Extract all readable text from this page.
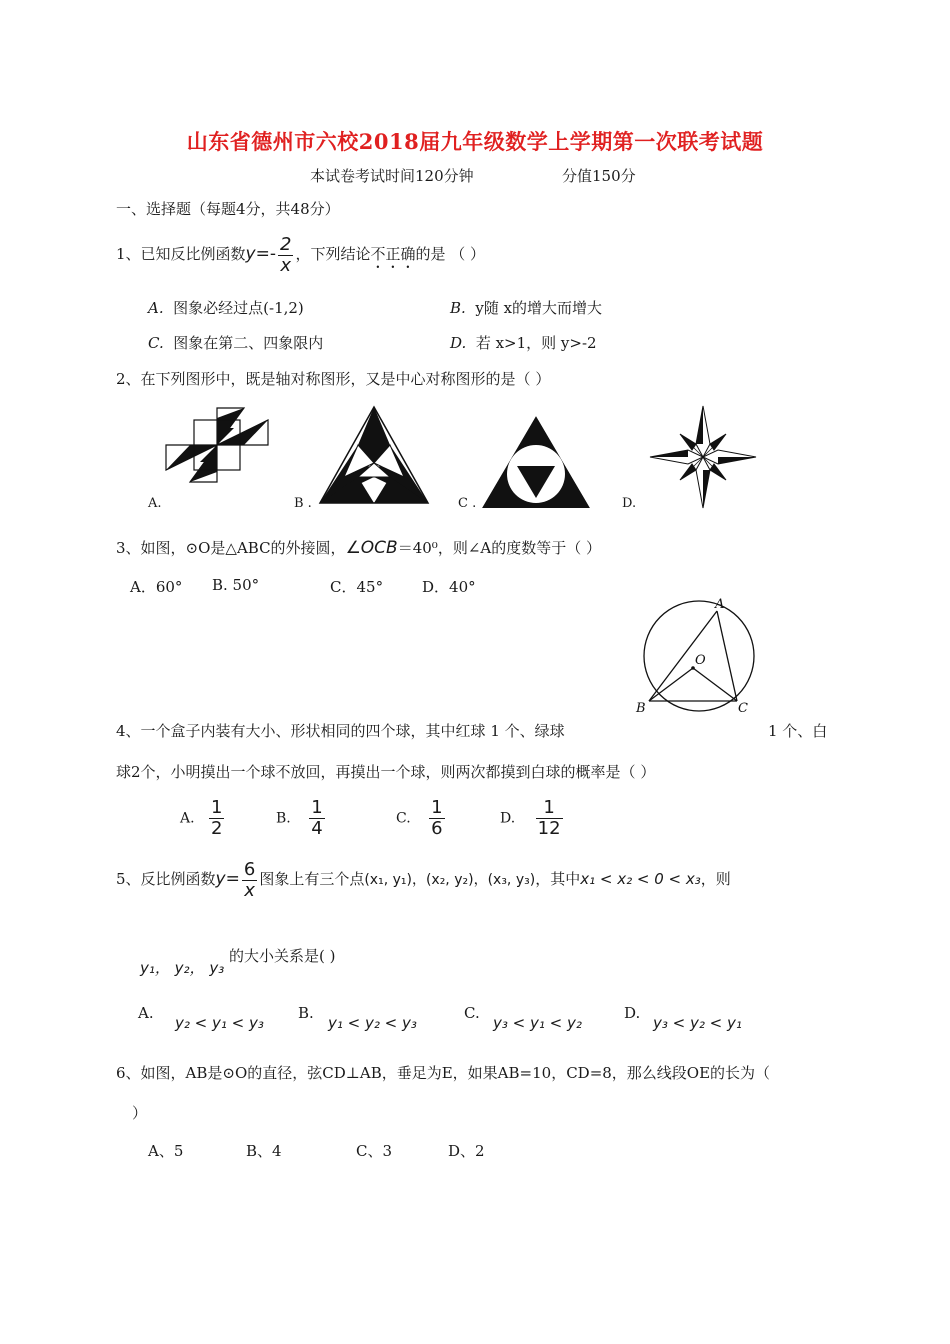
山东省德州市六校2018届九年级数学上学期第一次联考试题
本试卷考试时间120分钟	分值150分
一、选择题（每题4分，共48分）
1、已知反比例函数$y=- \frac{2}{x}$ ，下列结论不正确的是 （ ）
A. 图象必经过点(-1,2)	B. y随 x的增大而增大
C. 图象在第二、四象限内	D. 若 x>1，则 y>-2
2、在下列图形中，既是轴对称图形，又是中心对称图形的是（ ）
A.	B .	C .	D.
3、如图，⊙O是△ABC的外接圆，∠OCB＝40⁰，则∠A的度数等于（ ）
A．60° B. 50°	C．45°	D．40°
A
O
B	C
4、一个盒子内装有大小、形状相同的四个球，其中红球 1 个、绿球	1 个、白
球2个，小明摸出一个球不放回，再摸出一个球，则两次都摸到白球的概率是（ ）
A. $\frac{1}{2}$	B. $\frac{1}{4}$	C. $\frac{1}{6}$	D. $\frac{1}{12}$
5、反比例函数$y= \frac{6}{x}$ 图象上有三个点(x₁, y₁)，(x₂, y₂)，(x₃, y₃)，其中x₁ < x₂ < 0 < x₃，则
y₁， y₂， y₃ 的大小关系是( )
A.
y₂ < y₁ < y₃
B.
y₁ < y₂ < y₃
C.
y₃ < y₁ < y₂
D.
y₃ < y₂ < y₁
6、如图，AB是⊙O的直径，弦CD⊥AB，垂足为E，如果AB=10，CD=8，那么线段OE的长为（
）
A、5	B、4	C、3	D、2
